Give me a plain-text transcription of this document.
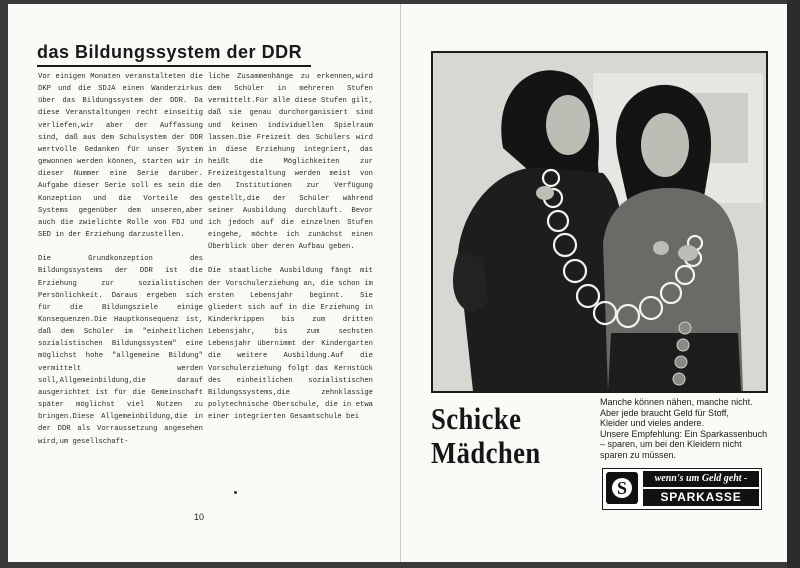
das Bildungssystem der DDR

Vor einigen Monaten veranstalteten die DKP und die SDJA einen Wanderzirkus über das Bildungssystem der DDR. Da diese Veranstaltungen recht einseitig verliefen,wir aber der Auffassung sind, daß aus dem Schulsystem der DDR wertvolle Gedanken für unser System gewonnen werden können, starten wir in dieser Nummer eine Serie darüber. Aufgabe dieser Serie soll es sein die Konzeption und die Vorteile des Systems gegenüber dem unseren,aber auch die zwielichte Rolle von FDJ und SED in der Erziehung darzustellen.

Die Grundkonzeption des Bildungssystems der DDR ist die Erziehung zur sozialistischen Persönlichkeit. Daraus ergeben sich für die Bildungsziele einige Konsequenzen.Die Hauptkonsequenz ist, daß dem Schüler im "einheitlichen sozialistischen Bildungssystem" eine möglichst hohe "allgemeine Bildung" vermittelt werden soll,Allgemeinbildung,die darauf ausgerichtet ist für die Gemeinschaft später möglichst viel Nutzen zu bringen.Diese Allgemeinbildung,die in der DDR als Vorraussetzung angesehen wird,um gesellschaft-

liche Zusammenhänge zu erkennen,wird dem Schüler in mehreren Stufen vermittelt.Für alle diese Stufen gilt, daß sie genau durchorganisiert sind und keinen individuellen Spielraum lassen.Die Freizeit des Schülers wird in diese Erziehung integriert, das heißt die Möglichkeiten zur Freizeitgestaltung werden meist von den Institutionen zur Verfügung gestellt,die der Schüler während seiner Ausbildung durchläuft. Bevor ich jedoch auf die einzelnen Stufen eingehe, möchte ich zunächst einen Überblick über deren Aufbau geben.

Die staatliche Ausbildung fängt mit der Vorschulerziehung an, die schon im ersten Lebensjahr beginnt. Sie gliedert sich auf in die Erziehung in Kinderkrippen bis zum dritten Lebensjahr, bis zum sechsten Lebensjahr übernimmt der Kindergarten die weitere Ausbildung.Auf die Vorschulerziehung folgt das Kernstück des einheitlichen sozialistischen Bildungssystems,die zehnklassige polytechnische Oberschule, die in etwa einer integrierten Gesamtschule bei

10
Schicke
Mädchen

Manche können nähen, manche nicht.

Aber jede braucht Geld für Stoff,

Kleider und vieles andere.

Unsere Empfehlung: Ein Sparkassenbuch

– sparen, um bei den Kleidern nicht

sparen zu müssen.

S	wenn's um Geld geht -
SPARKASSE
